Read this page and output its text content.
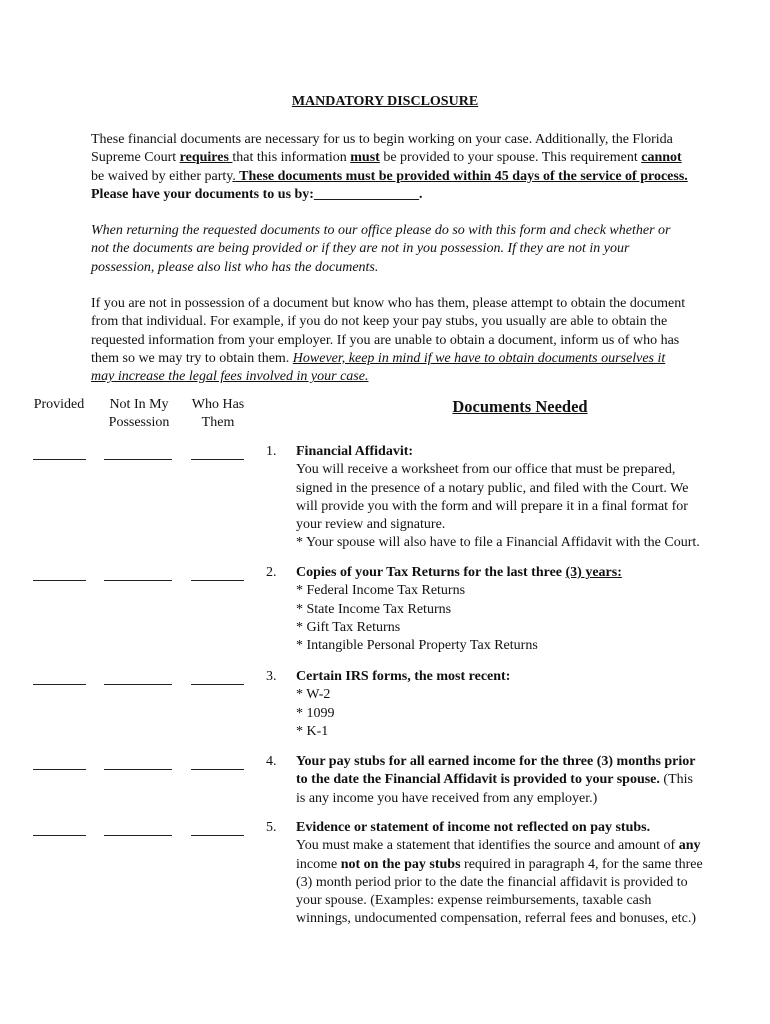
MANDATORY DISCLOSURE

These financial documents are necessary for us to begin working on your case. Additionally, the Florida Supreme Court requires that this information must be provided to your spouse. This requirement cannot be waived by either party. These documents must be provided within 45 days of the service of process. Please have your documents to us by:_______________.

When returning the requested documents to our office please do so with this form and check whether or not the documents are being provided or if they are not in you possession. If they are not in your possession, please also list who has the documents.

If you are not in possession of a document but know who has them, please attempt to obtain the document from that individual. For example, if you do not keep your pay stubs, you usually are able to obtain the requested information from your employer. If you are unable to obtain a document, inform us of who has them so we may try to obtain them. However, keep in mind if we have to obtain documents ourselves it may increase the legal fees involved in your case.

Provided	Not In My
Possession
Who Has
Them
Documents Needed
1. Financial Affidavit:
You will receive a worksheet from our office that must be prepared,
signed in the presence of a notary public, and filed with the Court. We
will provide you with the form and will prepare it in a final format for
your review and signature.
* Your spouse will also have to file a Financial Affidavit with the Court.
2. Copies of your Tax Returns for the last three (3) years:
* Federal Income Tax Returns
* State Income Tax Returns
* Gift Tax Returns
* Intangible Personal Property Tax Returns
3. Certain IRS forms, the most recent:
* W-2
* 1099
* K-1
4. Your pay stubs for all earned income for the three (3) months prior
to the date the Financial Affidavit is provided to your spouse. (This
is any income you have received from any employer.)
5. Evidence or statement of income not reflected on pay stubs.
You must make a statement that identifies the source and amount of any
income not on the pay stubs required in paragraph 4, for the same three
(3) month period prior to the date the financial affidavit is provided to
your spouse. (Examples: expense reimbursements, taxable cash
winnings, undocumented compensation, referral fees and bonuses, etc.)
